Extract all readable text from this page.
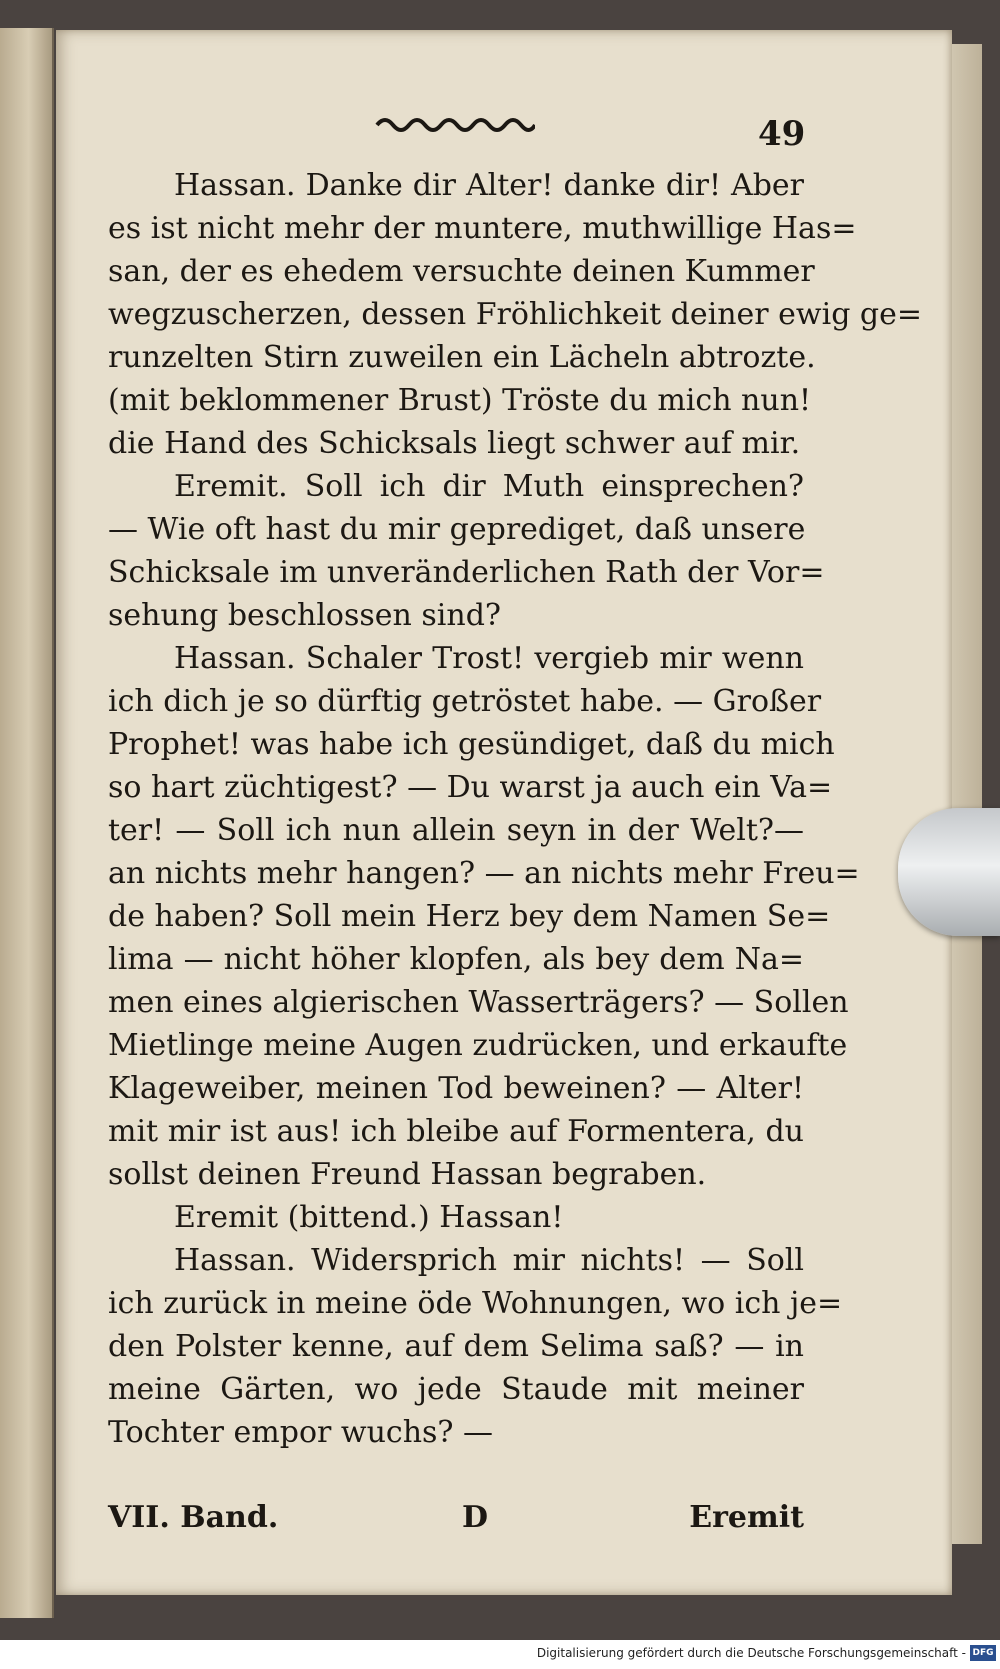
49
Hassan. Danke dir Alter! danke dir! Aber
es ist nicht mehr der muntere, muthwillige Has=
san, der es ehedem versuchte deinen Kummer
wegzuscherzen, dessen Fröhlichkeit deiner ewig ge=
runzelten Stirn zuweilen ein Lächeln abtrozte.
(mit beklommener Brust) Tröste du mich nun!
die Hand des Schicksals liegt schwer auf mir.
Eremit. Soll ich dir Muth einsprechen?
— Wie oft hast du mir geprediget, daß unsere
Schicksale im unveränderlichen Rath der Vor=
sehung beschlossen sind?
Hassan. Schaler Trost! vergieb mir wenn
ich dich je so dürftig getröstet habe. — Großer
Prophet! was habe ich gesündiget, daß du mich
so hart züchtigest? — Du warst ja auch ein Va=
ter! — Soll ich nun allein seyn in der Welt?—
an nichts mehr hangen? — an nichts mehr Freu=
de haben? Soll mein Herz bey dem Namen Se=
lima — nicht höher klopfen, als bey dem Na=
men eines algierischen Wasserträgers? — Sollen
Mietlinge meine Augen zudrücken, und erkaufte
Klageweiber, meinen Tod beweinen? — Alter!
mit mir ist aus! ich bleibe auf Formentera, du
sollst deinen Freund Hassan begraben.
Eremit (bittend.) Hassan!
Hassan. Widersprich mir nichts! — Soll
ich zurück in meine öde Wohnungen, wo ich je=
den Polster kenne, auf dem Selima saß? — in
meine Gärten, wo jede Staude mit meiner
Tochter empor wuchs? —
VII. Band.	D	Eremit
Digitalisierung gefördert durch die Deutsche Forschungsgemeinschaft - DFG
